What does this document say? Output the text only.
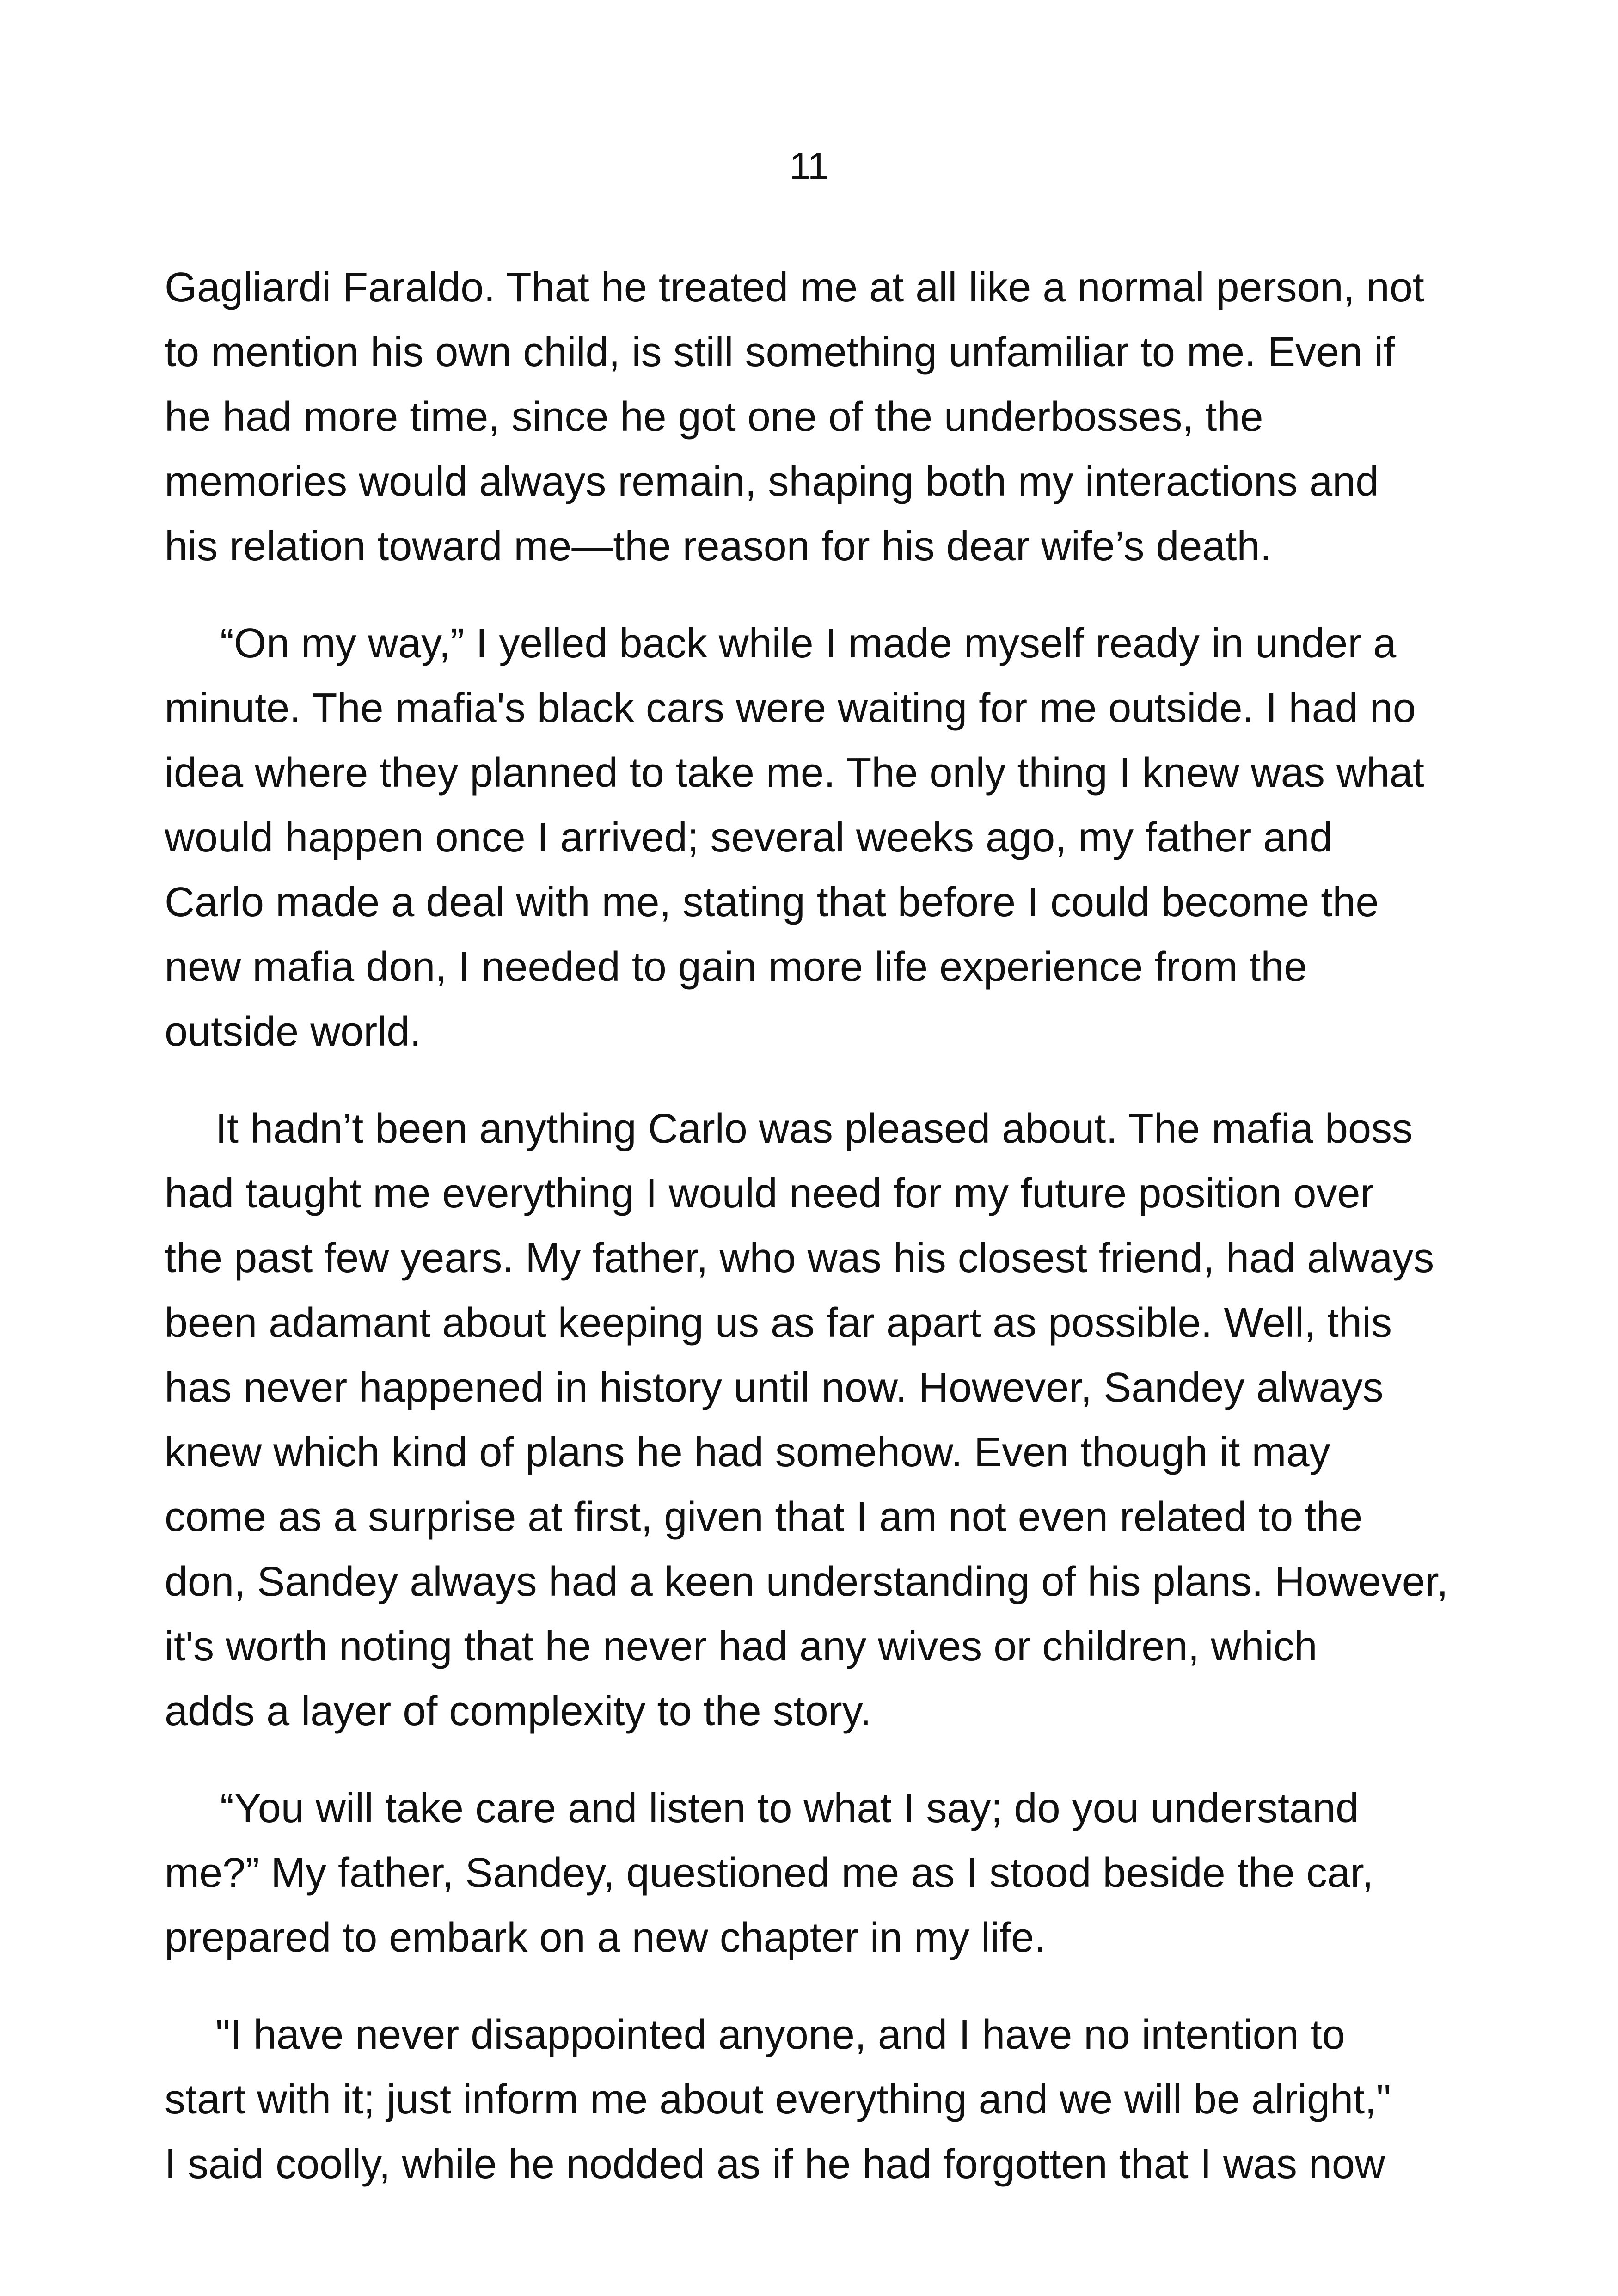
11

Gagliardi Faraldo. That he treated me at all like a normal person, not
to mention his own child, is still something unfamiliar to me. Even if
he had more time, since he got one of the underbosses, the
memories would always remain, shaping both my interactions and
his relation toward me—the reason for his dear wife’s death.

“On my way,” I yelled back while I made myself ready in under a
minute. The mafia's black cars were waiting for me outside. I had no
idea where they planned to take me. The only thing I knew was what
would happen once I arrived; several weeks ago, my father and
Carlo made a deal with me, stating that before I could become the
new mafia don, I needed to gain more life experience from the
outside world.

It hadn’t been anything Carlo was pleased about. The mafia boss
had taught me everything I would need for my future position over
the past few years. My father, who was his closest friend, had always
been adamant about keeping us as far apart as possible. Well, this
has never happened in history until now. However, Sandey always
knew which kind of plans he had somehow. Even though it may
come as a surprise at first, given that I am not even related to the
don, Sandey always had a keen understanding of his plans. However,
it's worth noting that he never had any wives or children, which
adds a layer of complexity to the story.

“You will take care and listen to what I say; do you understand
me?” My father, Sandey, questioned me as I stood beside the car,
prepared to embark on a new chapter in my life.

"I have never disappointed anyone, and I have no intention to
start with it; just inform me about everything and we will be alright,"
I said coolly, while he nodded as if he had forgotten that I was now
